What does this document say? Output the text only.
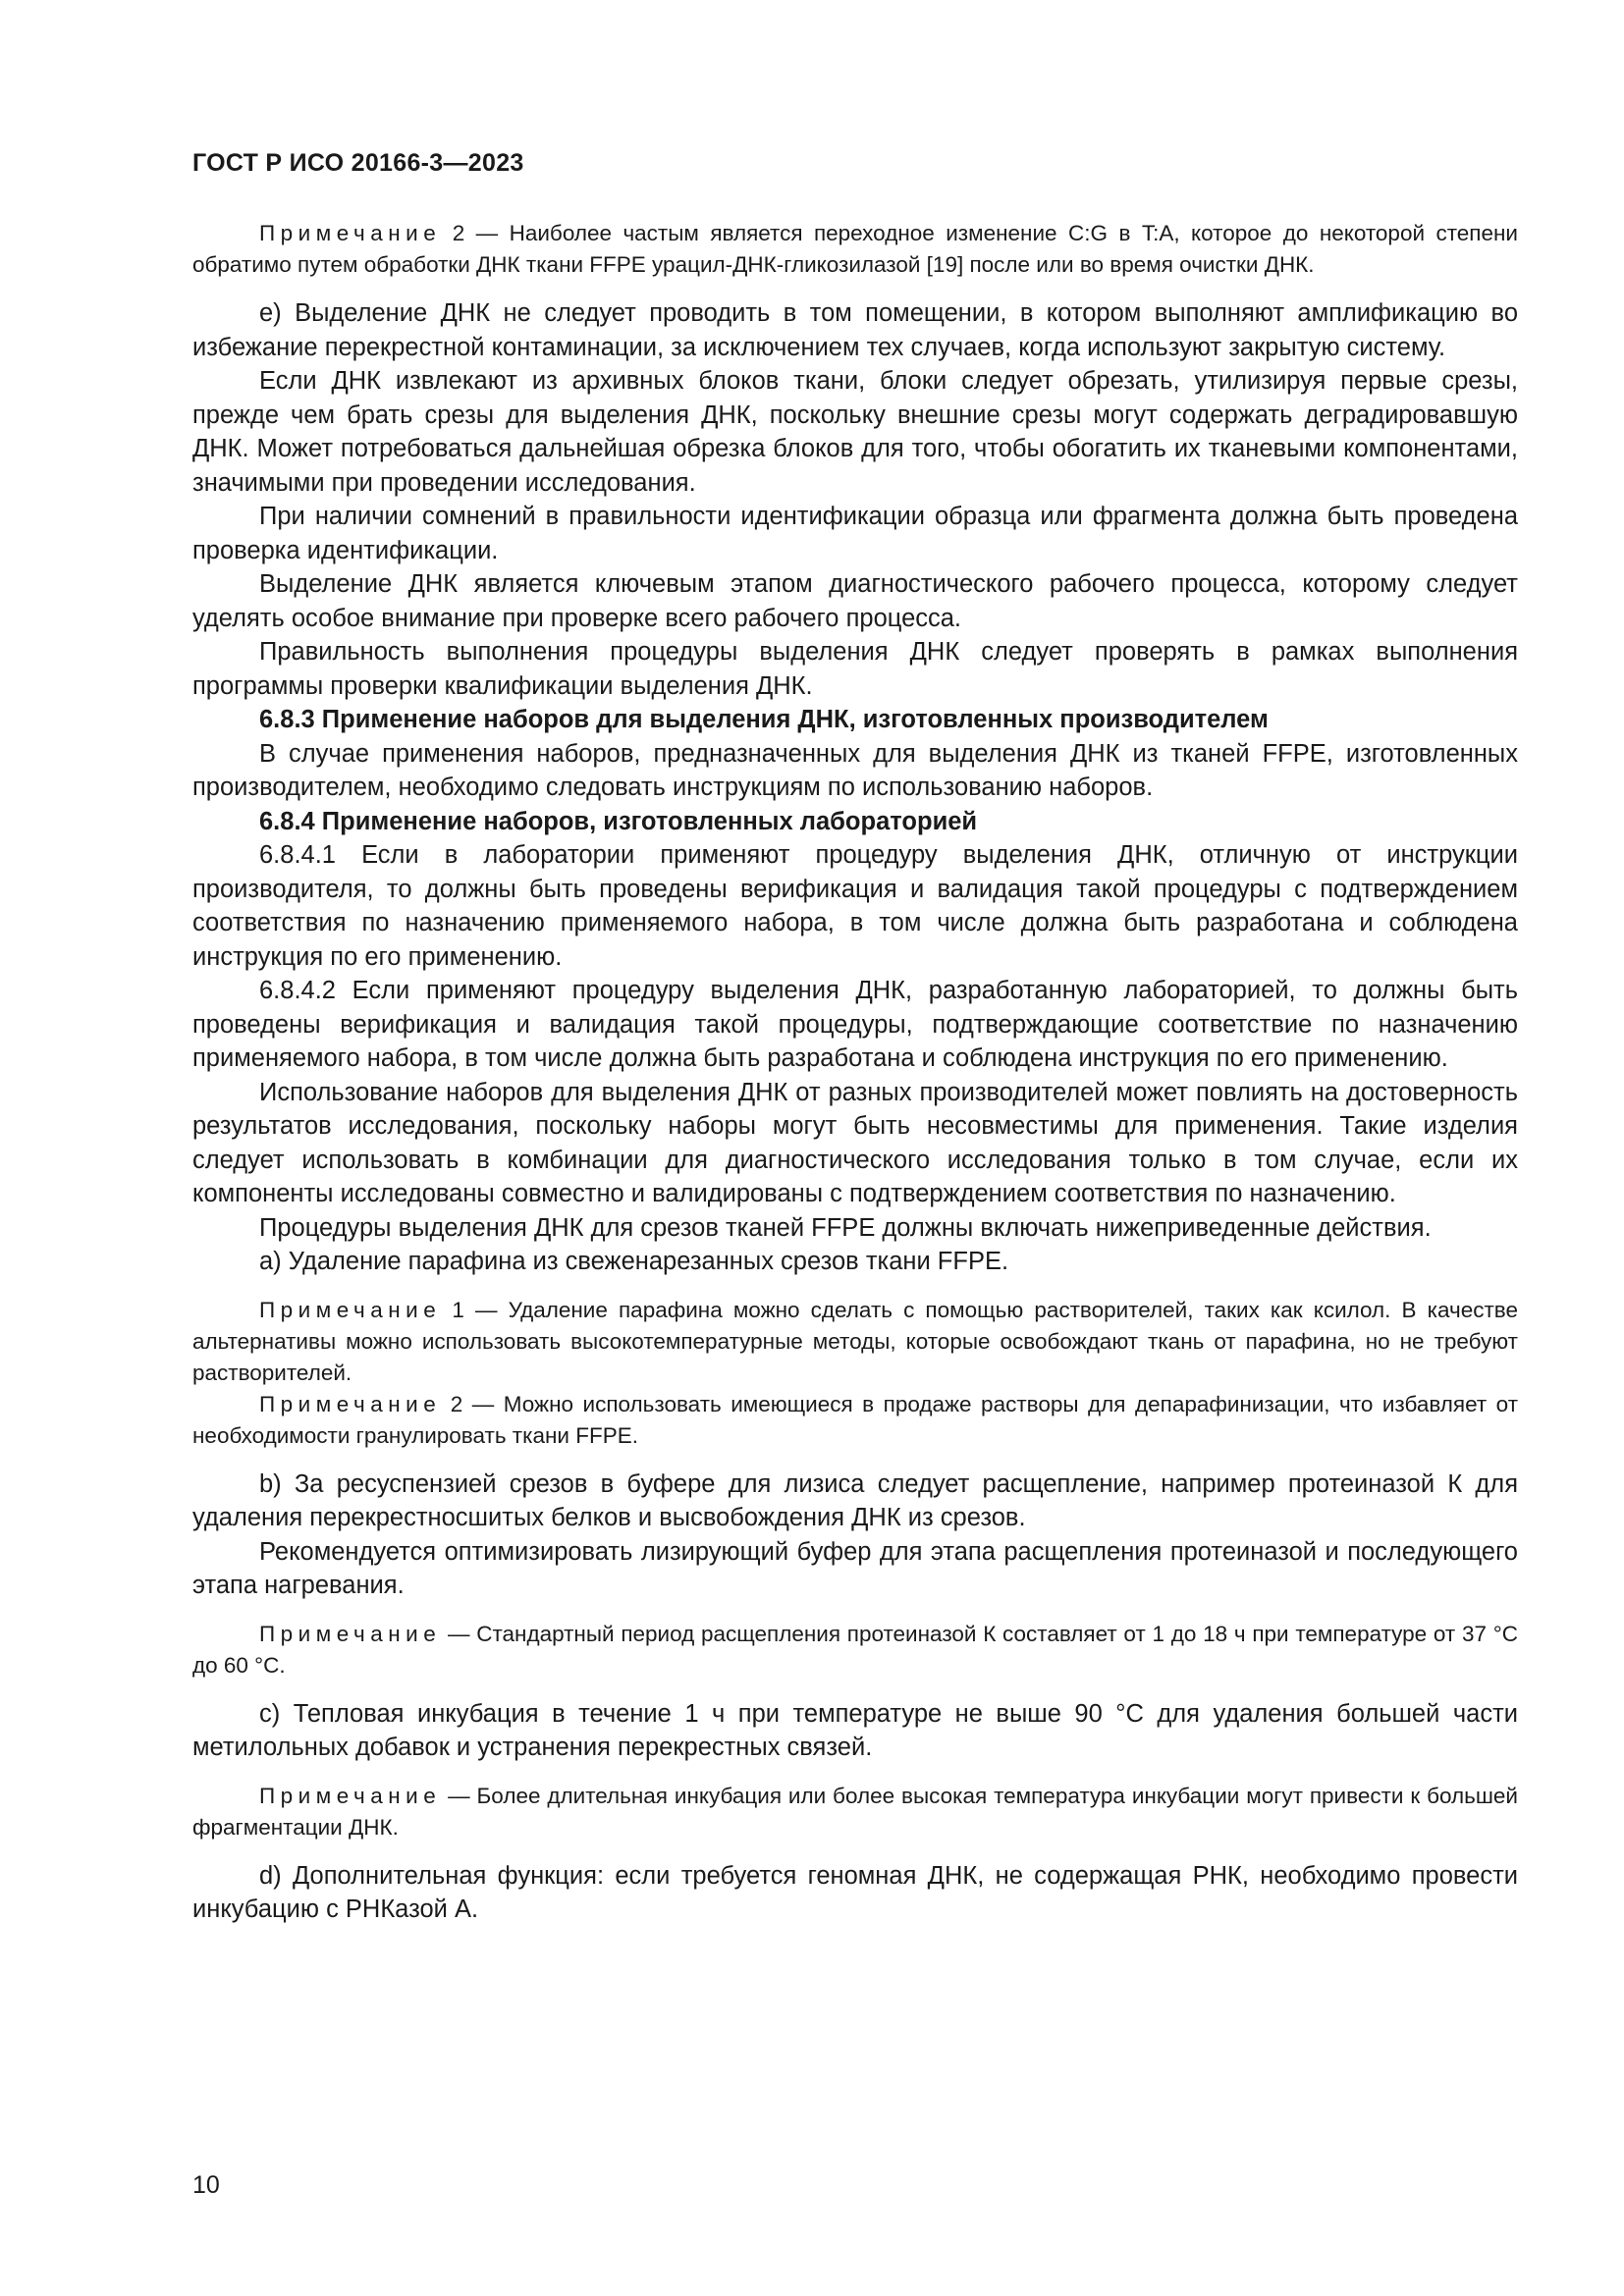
ГОСТ Р ИСО 20166-3—2023

Примечание 2 — Наиболее частым является переходное изменение C:G в T:A, которое до некоторой степени обратимо путем обработки ДНК ткани FFPE урацил-ДНК-гликозилазой [19] после или во время очистки ДНК.

e) Выделение ДНК не следует проводить в том помещении, в котором выполняют амплификацию во избежание перекрестной контаминации, за исключением тех случаев, когда используют закрытую систему.

Если ДНК извлекают из архивных блоков ткани, блоки следует обрезать, утилизируя первые срезы, прежде чем брать срезы для выделения ДНК, поскольку внешние срезы могут содержать деградировавшую ДНК. Может потребоваться дальнейшая обрезка блоков для того, чтобы обогатить их тканевыми компонентами, значимыми при проведении исследования.

При наличии сомнений в правильности идентификации образца или фрагмента должна быть проведена проверка идентификации.

Выделение ДНК является ключевым этапом диагностического рабочего процесса, которому следует уделять особое внимание при проверке всего рабочего процесса.

Правильность выполнения процедуры выделения ДНК следует проверять в рамках выполнения программы проверки квалификации выделения ДНК.

6.8.3 Применение наборов для выделения ДНК, изготовленных производителем

В случае применения наборов, предназначенных для выделения ДНК из тканей FFPE, изготовленных производителем, необходимо следовать инструкциям по использованию наборов.

6.8.4 Применение наборов, изготовленных лабораторией

6.8.4.1 Если в лаборатории применяют процедуру выделения ДНК, отличную от инструкции производителя, то должны быть проведены верификация и валидация такой процедуры с подтверждением соответствия по назначению применяемого набора, в том числе должна быть разработана и соблюдена инструкция по его применению.

6.8.4.2 Если применяют процедуру выделения ДНК, разработанную лабораторией, то должны быть проведены верификация и валидация такой процедуры, подтверждающие соответствие по назначению применяемого набора, в том числе должна быть разработана и соблюдена инструкция по его применению.

Использование наборов для выделения ДНК от разных производителей может повлиять на достоверность результатов исследования, поскольку наборы могут быть несовместимы для применения. Такие изделия следует использовать в комбинации для диагностического исследования только в том случае, если их компоненты исследованы совместно и валидированы с подтверждением соответствия по назначению.

Процедуры выделения ДНК для срезов тканей FFPE должны включать нижеприведенные действия.

a) Удаление парафина из свеженарезанных срезов ткани FFPE.

Примечание 1 — Удаление парафина можно сделать с помощью растворителей, таких как ксилол. В качестве альтернативы можно использовать высокотемпературные методы, которые освобождают ткань от парафина, но не требуют растворителей.

Примечание 2 — Можно использовать имеющиеся в продаже растворы для депарафинизации, что избавляет от необходимости гранулировать ткани FFPE.

b) За ресуспензией срезов в буфере для лизиса следует расщепление, например протеиназой К для удаления перекрестносшитых белков и высвобождения ДНК из срезов.

Рекомендуется оптимизировать лизирующий буфер для этапа расщепления протеиназой и последующего этапа нагревания.

Примечание — Стандартный период расщепления протеиназой К составляет от 1 до 18 ч при температуре от 37 °C до 60 °C.

c) Тепловая инкубация в течение 1 ч при температуре не выше 90 °C для удаления большей части метилольных добавок и устранения перекрестных связей.

Примечание — Более длительная инкубация или более высокая температура инкубации могут привести к большей фрагментации ДНК.

d) Дополнительная функция: если требуется геномная ДНК, не содержащая РНК, необходимо провести инкубацию с РНКазой А.

10
